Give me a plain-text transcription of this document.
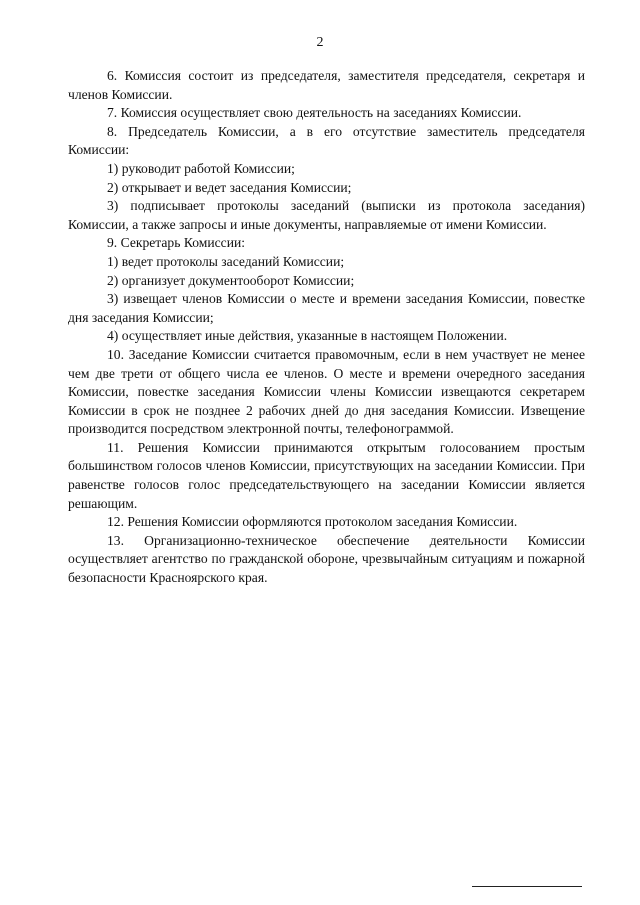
2

6. Комиссия состоит из председателя, заместителя председателя, секретаря и членов Комиссии.

7. Комиссия осуществляет свою деятельность на заседаниях Комиссии.

8. Председатель Комиссии, а в его отсутствие заместитель председателя Комиссии:

1) руководит работой Комиссии;

2) открывает и ведет заседания Комиссии;

3) подписывает протоколы заседаний (выписки из протокола заседания) Комиссии, а также запросы и иные документы, направляемые от имени Комиссии.

9. Секретарь Комиссии:

1) ведет протоколы заседаний Комиссии;

2) организует документооборот Комиссии;

3) извещает членов Комиссии о месте и времени заседания Комиссии, повестке дня заседания Комиссии;

4) осуществляет иные действия, указанные в настоящем Положении.

10. Заседание Комиссии считается правомочным, если в нем участвует не менее чем две трети от общего числа ее членов. О месте и времени очередного заседания Комиссии, повестке заседания Комиссии члены Комиссии извещаются секретарем Комиссии в срок не позднее 2 рабочих дней до дня заседания Комиссии. Извещение производится посредством электронной почты, телефонограммой.

11. Решения Комиссии принимаются открытым голосованием простым большинством голосов членов Комиссии, присутствующих на заседании Комиссии. При равенстве голосов голос председательствующего на заседании Комиссии является решающим.

12. Решения Комиссии оформляются протоколом заседания Комиссии.

13. Организационно-техническое обеспечение деятельности Комиссии осуществляет агентство по гражданской обороне, чрезвычайным ситуациям и пожарной безопасности Красноярского края.
